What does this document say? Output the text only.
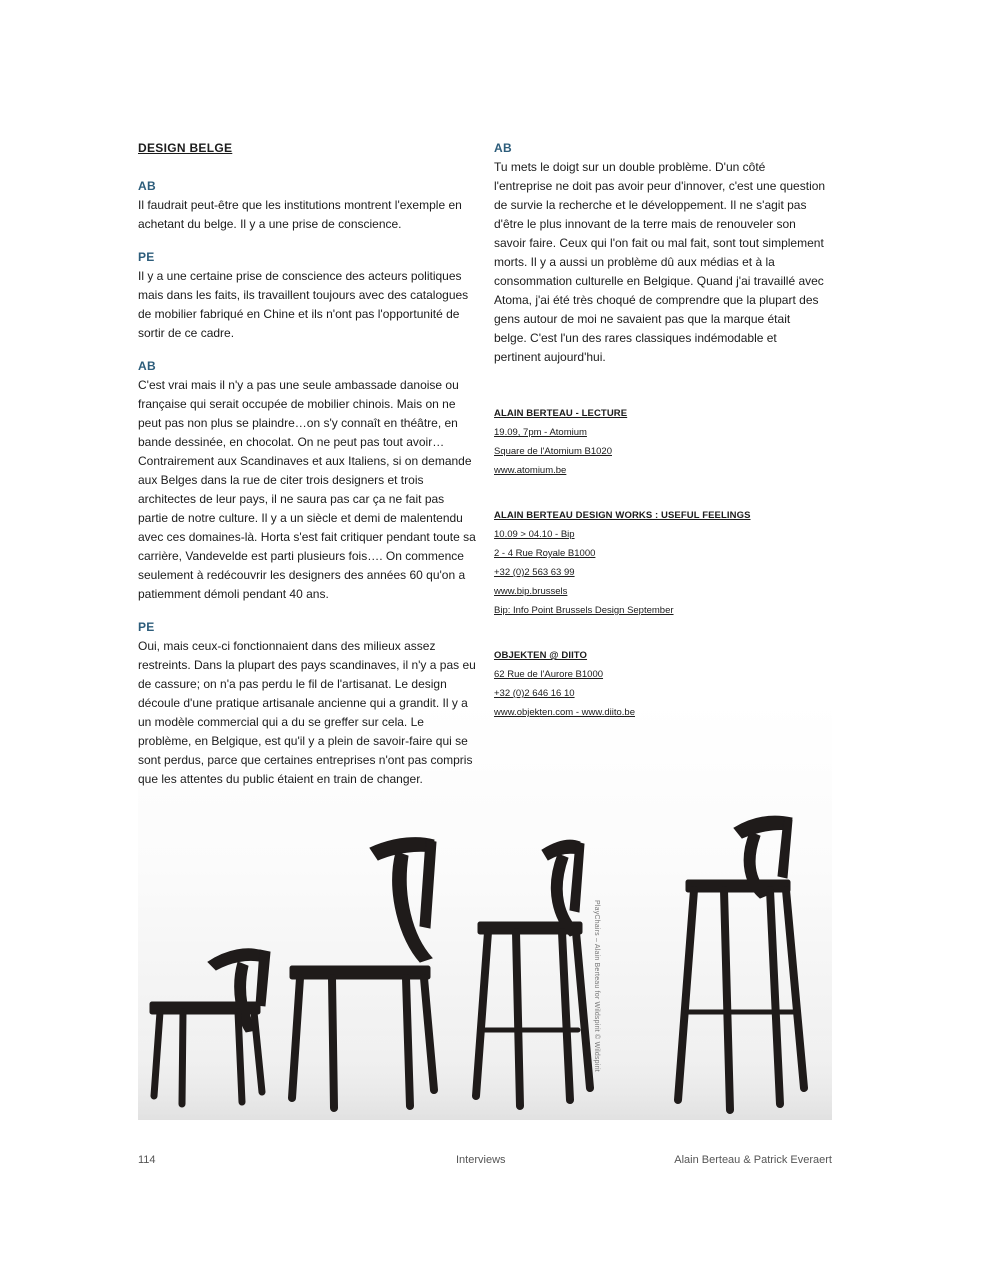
PlayChairs – Alain Berteau for Wildspirit © Wildspirit
DESIGN BELGE
AB
Il faudrait peut-être que les institutions montrent l'exemple en achetant du belge. Il y a une prise de conscience.
PE
Il y a une certaine prise de conscience des acteurs politiques mais dans les faits, ils travaillent toujours avec des catalogues de mobilier fabriqué en Chine et ils n'ont pas l'opportunité de sortir de ce cadre.
AB
C'est vrai mais il n'y a pas une seule ambassade danoise ou française qui serait occupée de mobilier chinois. Mais on ne peut pas non plus se plaindre…on s'y connaît en théâtre, en bande dessinée, en chocolat. On ne peut pas tout avoir… Contrairement aux Scandinaves et aux Italiens, si on demande aux Belges dans la rue de citer trois designers et trois architectes de leur pays, il ne saura pas car ça ne fait pas partie de notre culture. Il y a un siècle et demi de malentendu avec ces domaines-là. Horta s'est fait critiquer pendant toute sa carrière, Vandevelde est parti plusieurs fois…. On commence seulement à redécouvrir les designers des années 60 qu'on a patiemment démoli pendant 40 ans.
PE
Oui, mais ceux-ci fonctionnaient dans des milieux assez restreints. Dans la plupart des pays scandinaves, il n'y a pas eu de cassure; on n'a pas perdu le fil de l'artisanat. Le design découle d'une pratique artisanale ancienne qui a grandit. Il y a un modèle commercial qui a du se greffer sur cela. Le problème, en Belgique, est qu'il y a plein de savoir-faire qui se sont perdus, parce que certaines entreprises n'ont pas compris que les attentes du public étaient en train de changer.
AB
Tu mets le doigt sur un double problème. D'un côté l'entreprise ne doit pas avoir peur d'innover, c'est une question de survie la recherche et le développement. Il ne s'agit pas d'être le plus innovant de la terre mais de renouveler son savoir faire. Ceux qui l'on fait ou mal fait, sont tout simplement morts. Il y a aussi un problème dû aux médias et à la consommation culturelle en Belgique. Quand j'ai travaillé avec Atoma, j'ai été très choqué de comprendre que la plupart des gens autour de moi ne savaient pas que la marque était belge. C'est l'un des rares classiques indémodable et pertinent aujourd'hui.
ALAIN BERTEAU - LECTURE
19.09, 7pm - Atomium
Square de l'Atomium B1020
www.atomium.be
ALAIN BERTEAU DESIGN WORKS : USEFUL FEELINGS
10.09 > 04.10 - Bip
2 - 4 Rue Royale B1000
+32 (0)2 563 63 99
www.bip.brussels
Bip: Info Point Brussels Design September
OBJEKTEN @ DIITO
62 Rue de l'Aurore B1000
+32 (0)2 646 16 10
www.objekten.com - www.diito.be
114	Interviews	Alain Berteau & Patrick Everaert
